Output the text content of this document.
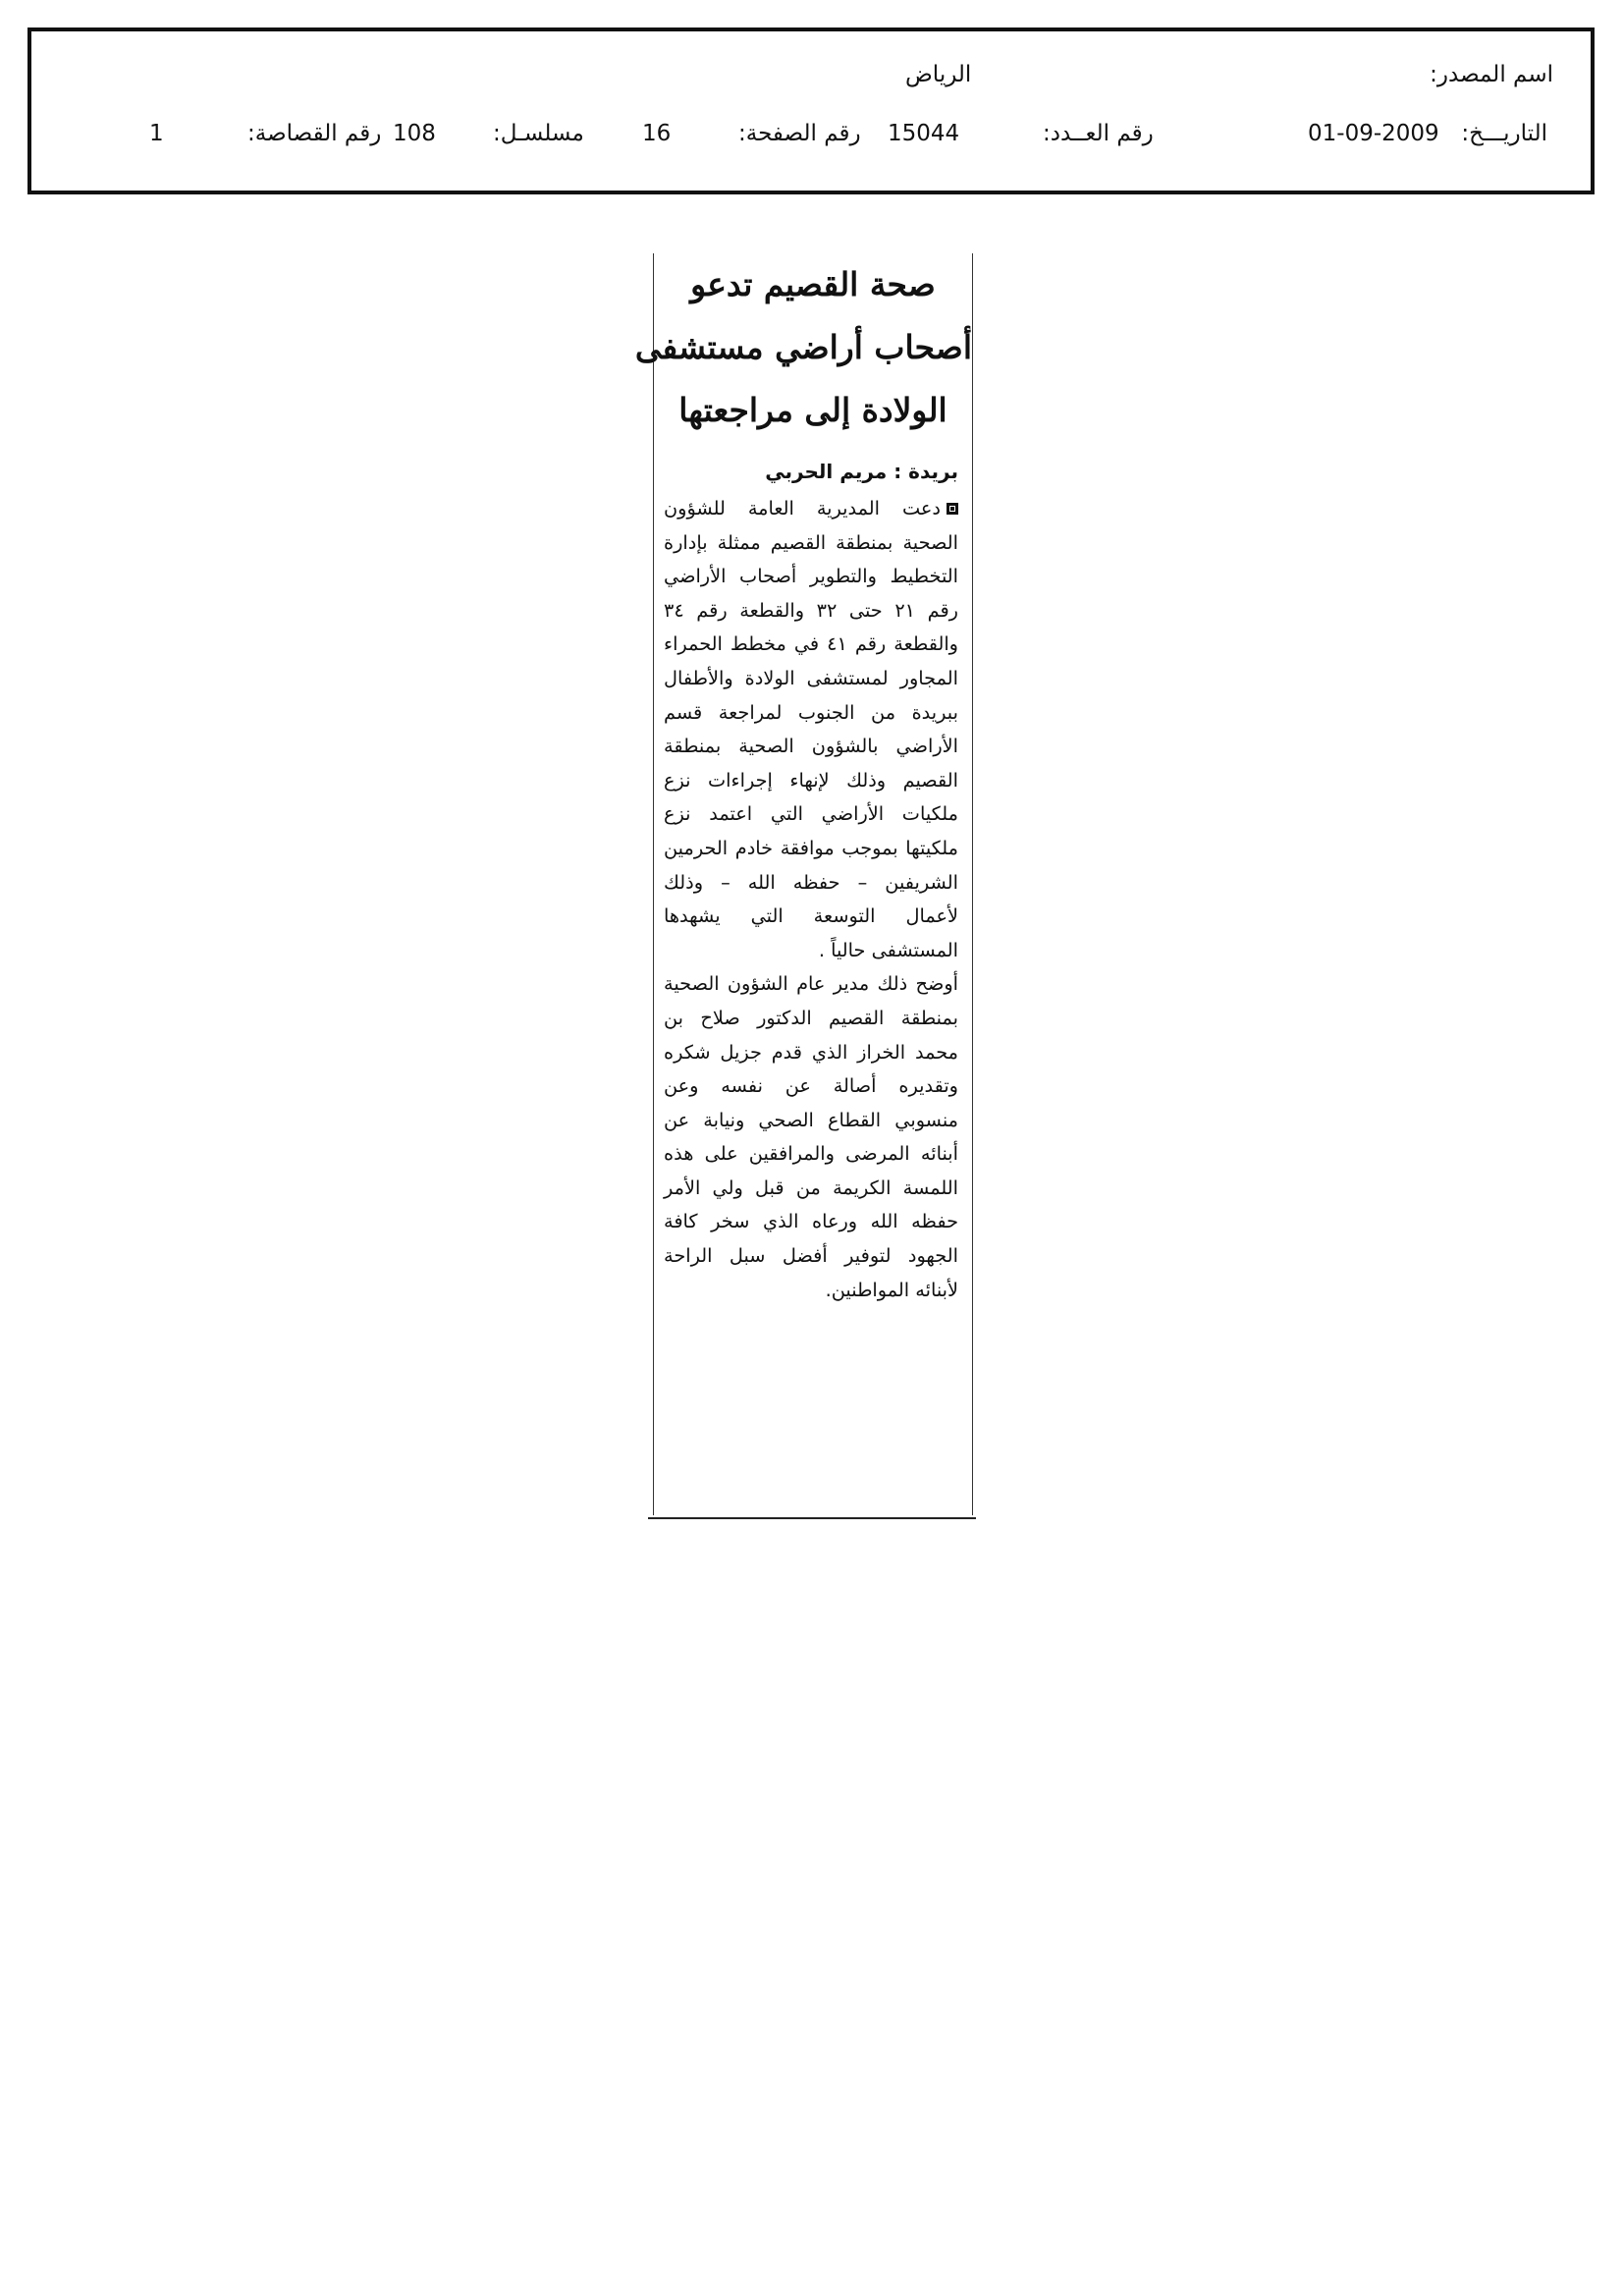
اسم المصدر:
الرياض
التاريـــخ:
01-09-2009
رقم العــدد:
15044
رقم الصفحة:
16
مسلسـل:
108
رقم القصاصة:
1
صحة القصيم تدعو
أصحاب أراضي مستشفى
الولادة إلى مراجعتها
بريدة : مريم الحربي

دعت المديرية العامة للشؤون الصحية بمنطقة القصيم ممثلة بإدارة التخطيط والتطوير أصحاب الأراضي رقم ٢١ حتى ٣٢ والقطعة رقم ٣٤ والقطعة رقم ٤١ في مخطط الحمراء المجاور لمستشفى الولادة والأطفال ببريدة من الجنوب لمراجعة قسم الأراضي بالشؤون الصحية بمنطقة القصيم وذلك لإنهاء إجراءات نزع ملكيات الأراضي التي اعتمد نزع ملكيتها بموجب موافقة خادم الحرمين الشريفين – حفظه الله – وذلك لأعمال التوسعة التي يشهدها المستشفى حالياً .

أوضح ذلك مدير عام الشؤون الصحية بمنطقة القصيم الدكتور صلاح بن محمد الخراز الذي قدم جزيل شكره وتقديره أصالة عن نفسه وعن منسوبي القطاع الصحي ونيابة عن أبنائه المرضى والمرافقين على هذه اللمسة الكريمة من قبل ولي الأمر حفظه الله ورعاه الذي سخر كافة الجهود لتوفير أفضل سبل الراحة لأبنائه المواطنين.
